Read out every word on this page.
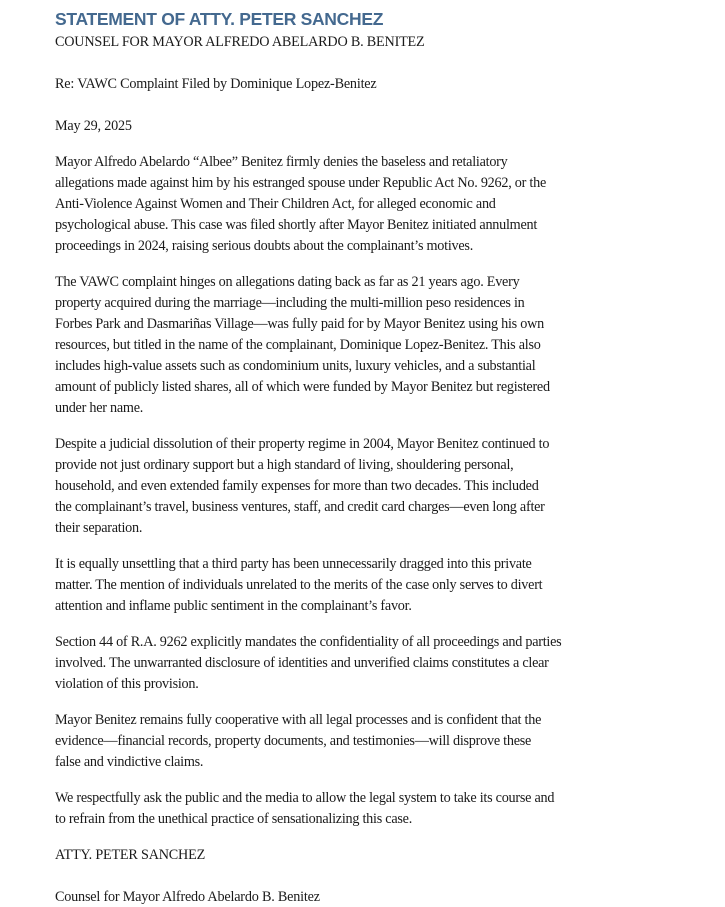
STATEMENT OF ATTY. PETER SANCHEZ

COUNSEL FOR MAYOR ALFREDO ABELARDO B. BENITEZ

Re: VAWC Complaint Filed by Dominique Lopez-Benitez

May 29, 2025

Mayor Alfredo Abelardo “Albee” Benitez firmly denies the baseless and retaliatory
allegations made against him by his estranged spouse under Republic Act No. 9262, or the
Anti-Violence Against Women and Their Children Act, for alleged economic and
psychological abuse. This case was filed shortly after Mayor Benitez initiated annulment
proceedings in 2024, raising serious doubts about the complainant’s motives.

The VAWC complaint hinges on allegations dating back as far as 21 years ago. Every
property acquired during the marriage—including the multi-million peso residences in
Forbes Park and Dasmariñas Village—was fully paid for by Mayor Benitez using his own
resources, but titled in the name of the complainant, Dominique Lopez-Benitez. This also
includes high-value assets such as condominium units, luxury vehicles, and a substantial
amount of publicly listed shares, all of which were funded by Mayor Benitez but registered
under her name.

Despite a judicial dissolution of their property regime in 2004, Mayor Benitez continued to
provide not just ordinary support but a high standard of living, shouldering personal,
household, and even extended family expenses for more than two decades. This included
the complainant’s travel, business ventures, staff, and credit card charges—even long after
their separation.

It is equally unsettling that a third party has been unnecessarily dragged into this private
matter. The mention of individuals unrelated to the merits of the case only serves to divert
attention and inflame public sentiment in the complainant’s favor.

Section 44 of R.A. 9262 explicitly mandates the confidentiality of all proceedings and parties
involved. The unwarranted disclosure of identities and unverified claims constitutes a clear
violation of this provision.

Mayor Benitez remains fully cooperative with all legal processes and is confident that the
evidence—financial records, property documents, and testimonies—will disprove these
false and vindictive claims.

We respectfully ask the public and the media to allow the legal system to take its course and
to refrain from the unethical practice of sensationalizing this case.

ATTY. PETER SANCHEZ

Counsel for Mayor Alfredo Abelardo B. Benitez
